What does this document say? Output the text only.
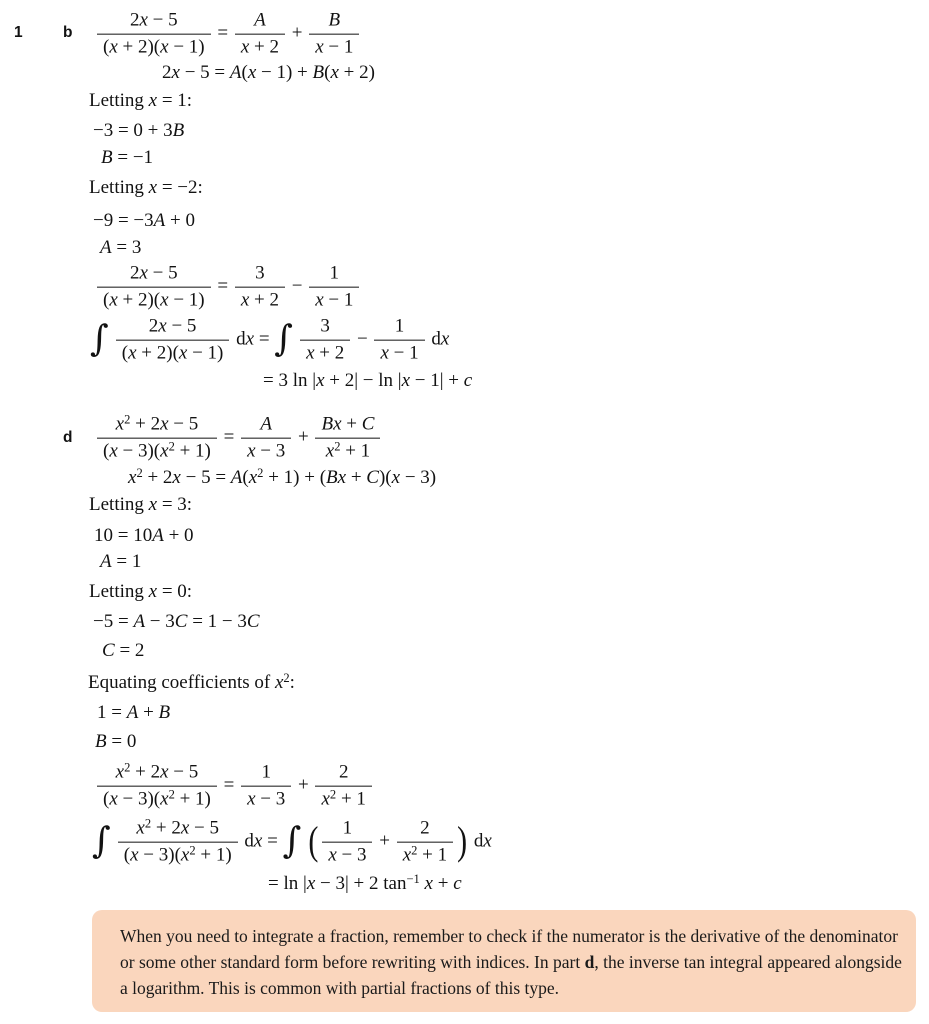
1	b
d
$\frac{2x - 5}{(x + 2)(x - 1)} = \frac{A}{x + 2} + \frac{B}{x - 1}$
2x − 5 = A(x − 1) + B(x + 2)
Letting x = 1:
−3 = 0 + 3B
B = −1
Letting x = −2:
−9 = −3A + 0
A = 3
$\frac{2x - 5}{(x + 2)(x - 1)} = \frac{3}{x + 2} - \frac{1}{x - 1}$
∫ $\frac{2x - 5}{(x + 2)(x - 1)}$ dx = ∫ $\frac{3}{x + 2} - \frac{1}{x - 1}$ dx
= 3 ln |x + 2| − ln |x − 1| + c
$\frac{x^2 + 2x - 5}{(x - 3)(x^2 + 1)} = \frac{A}{x - 3} + \frac{Bx + C}{x^2 + 1}$
$x^2 + 2x - 5 = A(x^2 + 1) + (Bx + C)(x - 3)$
Letting x = 3:
10 = 10A + 0
A = 1
Letting x = 0:
−5 = A − 3C = 1 − 3C
C = 2
Equating coefficients of $x^2$:
1 = A + B
B = 0
$\frac{x^2 + 2x - 5}{(x - 3)(x^2 + 1)} = \frac{1}{x - 3} + \frac{2}{x^2 + 1}$
∫ $\frac{x^2 + 2x - 5}{(x - 3)(x^2 + 1)}$ dx = ∫ ( $\frac{1}{x - 3} + \frac{2}{x^2 + 1}$ ) dx
= ln |x − 3| + 2 $\tan^{-1} x + c$
When you need to integrate a fraction, remember to check if the numerator is the derivative of the denominator or some other standard form before rewriting with indices. In part d, the inverse tan integral appeared alongside a logarithm. This is common with partial fractions of this type.
